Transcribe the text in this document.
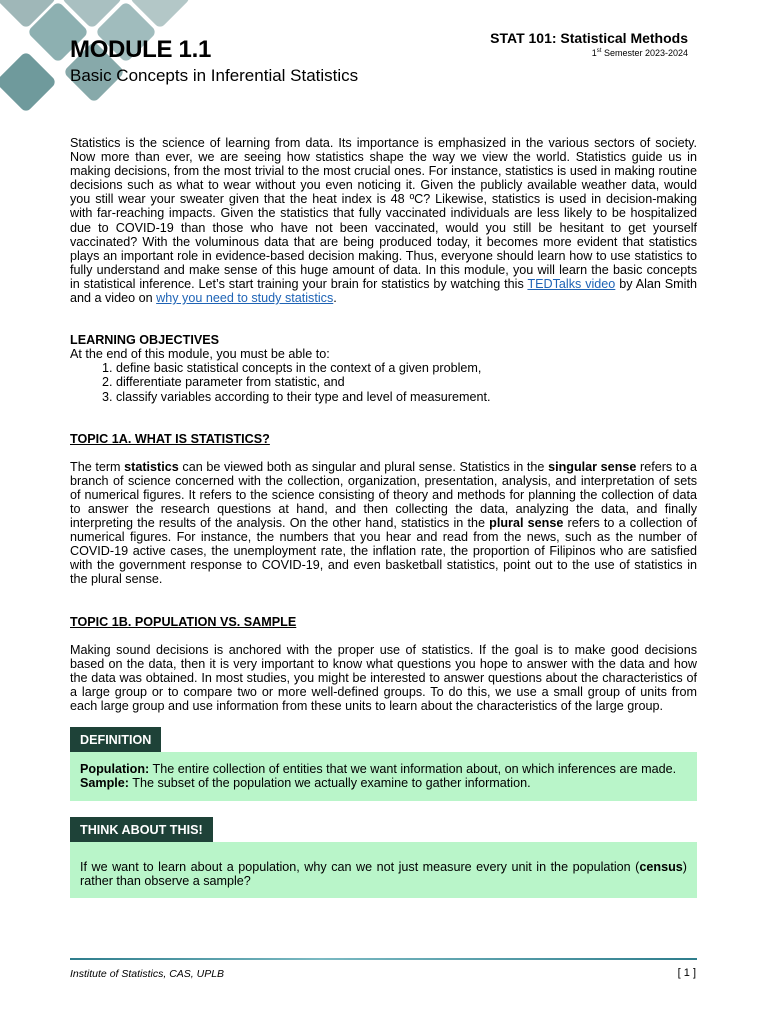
MODULE 1.1
Basic Concepts in Inferential Statistics
STAT 101: Statistical Methods
1st Semester 2023-2024

Statistics is the science of learning from data. Its importance is emphasized in the various sectors of society. Now more than ever, we are seeing how statistics shape the way we view the world. Statistics guide us in making decisions, from the most trivial to the most crucial ones. For instance, statistics is used in making routine decisions such as what to wear without you even noticing it. Given the publicly available weather data, would you still wear your sweater given that the heat index is 48 ºC? Likewise, statistics is used in decision-making with far-reaching impacts. Given the statistics that fully vaccinated individuals are less likely to be hospitalized due to COVID-19 than those who have not been vaccinated, would you still be hesitant to get yourself vaccinated? With the voluminous data that are being produced today, it becomes more evident that statistics plays an important role in evidence-based decision making. Thus, everyone should learn how to use statistics to fully understand and make sense of this huge amount of data. In this module, you will learn the basic concepts in statistical inference. Let’s start training your brain for statistics by watching this TEDTalks video by Alan Smith and a video on why you need to study statistics.

LEARNING OBJECTIVES
At the end of this module, you must be able to:
1. define basic statistical concepts in the context of a given problem,
2. differentiate parameter from statistic, and
3. classify variables according to their type and level of measurement.
TOPIC 1A. WHAT IS STATISTICS?

The term statistics can be viewed both as singular and plural sense. Statistics in the singular sense refers to a branch of science concerned with the collection, organization, presentation, analysis, and interpretation of sets of numerical figures. It refers to the science consisting of theory and methods for planning the collection of data to answer the research questions at hand, and then collecting the data, analyzing the data, and finally interpreting the results of the analysis. On the other hand, statistics in the plural sense refers to a collection of numerical figures. For instance, the numbers that you hear and read from the news, such as the number of COVID-19 active cases, the unemployment rate, the inflation rate, the proportion of Filipinos who are satisfied with the government response to COVID-19, and even basketball statistics, point out to the use of statistics in the plural sense.

TOPIC 1B. POPULATION VS. SAMPLE

Making sound decisions is anchored with the proper use of statistics. If the goal is to make good decisions based on the data, then it is very important to know what questions you hope to answer with the data and how the data was obtained. In most studies, you might be interested to answer questions about the characteristics of a large group or to compare two or more well-defined groups. To do this, we use a small group of units from each large group and use information from these units to learn about the characteristics of the large group.

DEFINITION
Population: The entire collection of entities that we want information about, on which inferences are made.
Sample: The subset of the population we actually examine to gather information.
THINK ABOUT THIS!

If we want to learn about a population, why can we not just measure every unit in the population (census) rather than observe a sample?

Institute of Statistics, CAS, UPLB	[ 1 ]
